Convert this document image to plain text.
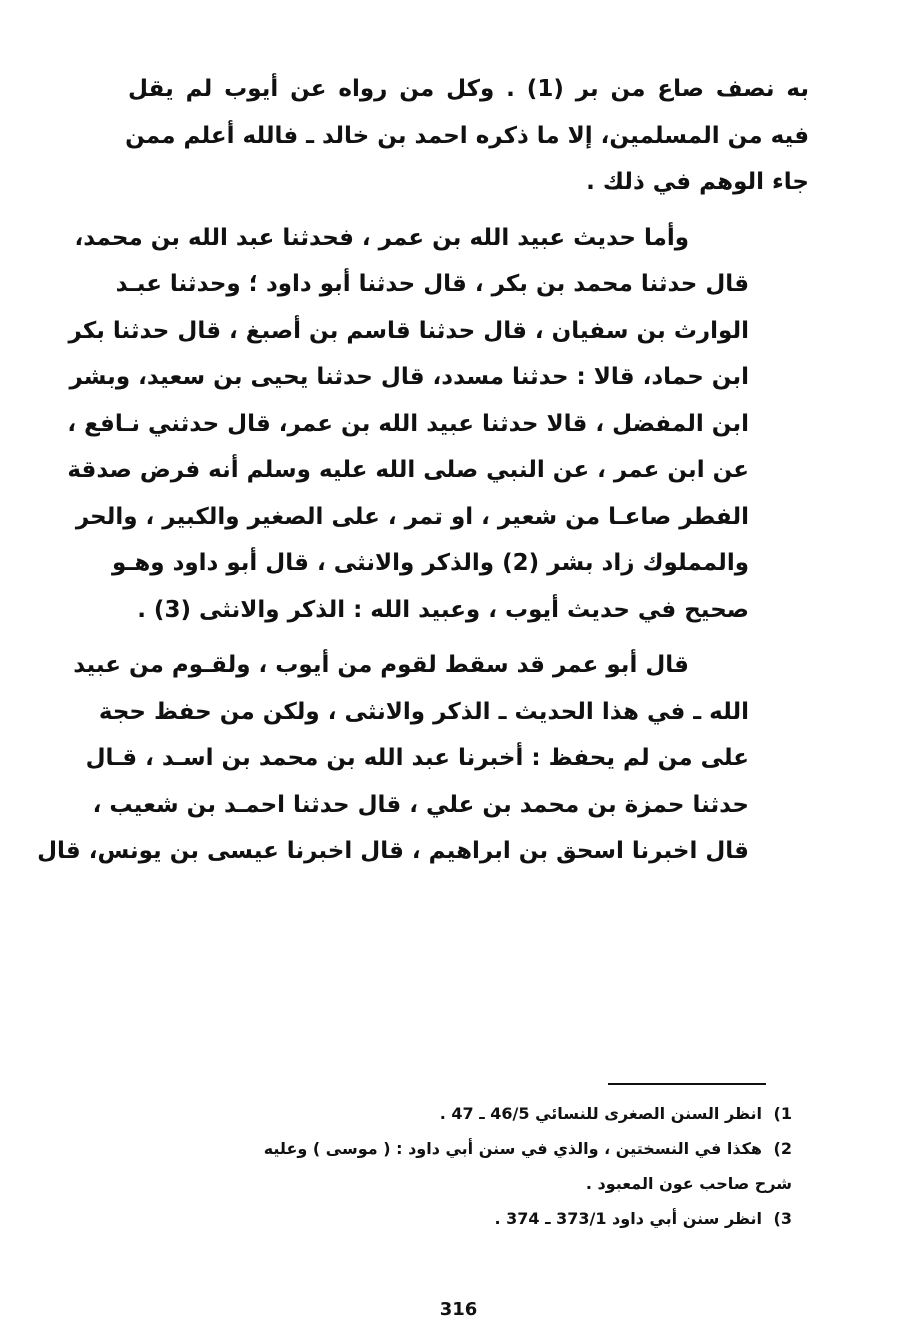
به نصف صاع من بر (1) . وكل من رواه عن أيوب لم يقل
فيه من المسلمين، إلا ما ذكره احمد بن خالد ـ فالله أعلم ممن
جاء الوهم في ذلك .

وأما حديث عبيد الله بن عمر ، فحدثنا عبد الله بن محمد،
قال حدثنا محمد بن بكر ، قال حدثنا أبو داود ؛ وحدثنا عبـد
الوارث بن سفيان ، قال حدثنا قاسم بن أصبغ ، قال حدثنا بكر
ابن حماد، قالا : حدثنا مسدد، قال حدثنا يحيى بن سعيد، وبشر
ابن المفضل ، قالا حدثنا عبيد الله بن عمر، قال حدثني نـافع ،
عن ابن عمر ، عن النبي صلى الله عليه وسلم أنه فرض صدقة
الفطر صاعـا من شعير ، او تمر ، على الصغير والكبير ، والحر
والمملوك زاد بشر (2) والذكر والانثى ، قال أبو داود وهـو
صحيح في حديث أيوب ، وعبيد الله : الذكر والانثى (3) .

قال أبو عمر قد سقط لقوم من أيوب ، ولقـوم من عبيد
الله ـ في هذا الحديث ـ الذكر والانثى ، ولكن من حفظ حجة
على من لم يحفظ : أخبرنا عبد الله بن محمد بن اسـد ، قـال
حدثنا حمزة بن محمد بن علي ، قال حدثنا احمـد بن شعيب ،
قال اخبرنا اسحق بن ابراهيم ، قال اخبرنا عيسى بن يونس، قال

1)انظر السنن الصغرى للنسائي 46/5 ـ 47 .
2)هكذا في النسختين ، والذي في سنن أبي داود : ( موسى ) وعليه
شرح صاحب عون المعبود .
3)انظر سنن أبي داود 373/1 ـ 374 .
316
